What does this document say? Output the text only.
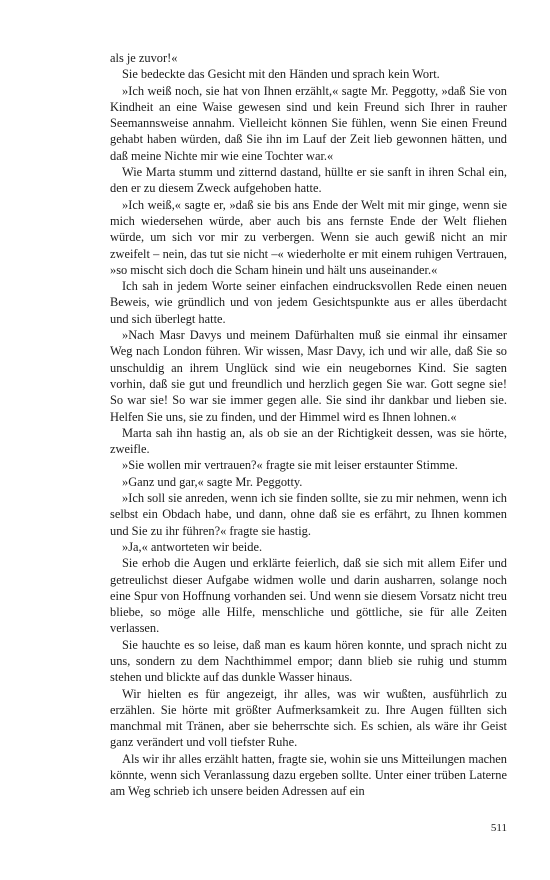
als je zuvor!«

Sie bedeckte das Gesicht mit den Händen und sprach kein Wort.

»Ich weiß noch, sie hat von Ihnen erzählt,« sagte Mr. Peggotty, »daß Sie von Kindheit an eine Waise gewesen sind und kein Freund sich Ihrer in rauher Seemannsweise annahm. Vielleicht können Sie fühlen, wenn Sie einen Freund gehabt haben würden, daß Sie ihn im Lauf der Zeit lieb gewonnen hätten, und daß meine Nichte mir wie eine Tochter war.«

Wie Marta stumm und zitternd dastand, hüllte er sie sanft in ihren Schal ein, den er zu diesem Zweck aufgehoben hatte.

»Ich weiß,« sagte er, »daß sie bis ans Ende der Welt mit mir ginge, wenn sie mich wiedersehen würde, aber auch bis ans fernste Ende der Welt fliehen würde, um sich vor mir zu verbergen. Wenn sie auch gewiß nicht an mir zweifelt – nein, das tut sie nicht –« wiederholte er mit einem ruhigen Vertrauen, »so mischt sich doch die Scham hinein und hält uns auseinander.«

Ich sah in jedem Worte seiner einfachen eindrucksvollen Rede einen neuen Beweis, wie gründlich und von jedem Gesichtspunkte aus er alles überdacht und sich überlegt hatte.

»Nach Masr Davys und meinem Dafürhalten muß sie einmal ihr einsamer Weg nach London führen. Wir wissen, Masr Davy, ich und wir alle, daß Sie so unschuldig an ihrem Unglück sind wie ein neugebornes Kind. Sie sagten vorhin, daß sie gut und freundlich und herzlich gegen Sie war. Gott segne sie! So war sie! So war sie immer gegen alle. Sie sind ihr dankbar und lieben sie. Helfen Sie uns, sie zu finden, und der Himmel wird es Ihnen lohnen.«

Marta sah ihn hastig an, als ob sie an der Richtigkeit dessen, was sie hörte, zweifle.

»Sie wollen mir vertrauen?« fragte sie mit leiser erstaunter Stimme.

»Ganz und gar,« sagte Mr. Peggotty.

»Ich soll sie anreden, wenn ich sie finden sollte, sie zu mir nehmen, wenn ich selbst ein Obdach habe, und dann, ohne daß sie es erfährt, zu Ihnen kommen und Sie zu ihr führen?« fragte sie hastig.

»Ja,« antworteten wir beide.

Sie erhob die Augen und erklärte feierlich, daß sie sich mit allem Eifer und getreulichst dieser Aufgabe widmen wolle und darin ausharren, solange noch eine Spur von Hoffnung vorhanden sei. Und wenn sie diesem Vorsatz nicht treu bliebe, so möge alle Hilfe, menschliche und göttliche, sie für alle Zeiten verlassen.

Sie hauchte es so leise, daß man es kaum hören konnte, und sprach nicht zu uns, sondern zu dem Nachthimmel empor; dann blieb sie ruhig und stumm stehen und blickte auf das dunkle Wasser hinaus.

Wir hielten es für angezeigt, ihr alles, was wir wußten, ausführlich zu erzählen. Sie hörte mit größter Aufmerksamkeit zu. Ihre Augen füllten sich manchmal mit Tränen, aber sie beherrschte sich. Es schien, als wäre ihr Geist ganz verändert und voll tiefster Ruhe.

Als wir ihr alles erzählt hatten, fragte sie, wohin sie uns Mitteilungen machen könnte, wenn sich Veranlassung dazu ergeben sollte. Unter einer trüben Laterne am Weg schrieb ich unsere beiden Adressen auf ein

511
